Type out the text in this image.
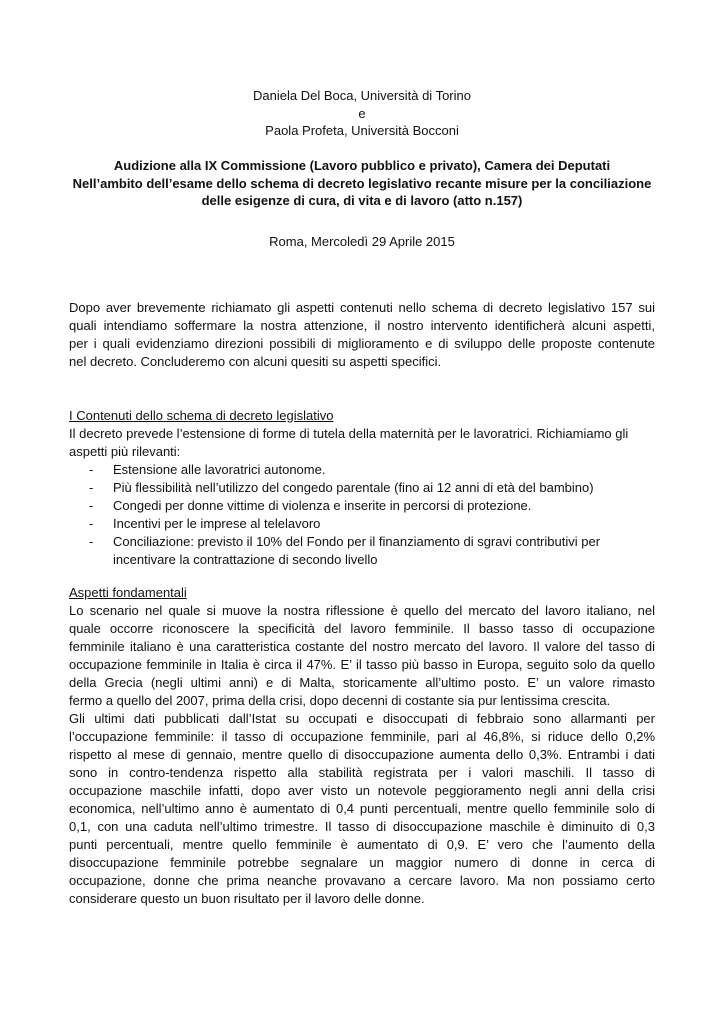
Daniela Del Boca, Università di Torino
e
Paola Profeta, Università Bocconi
Audizione alla IX Commissione (Lavoro pubblico e privato), Camera dei Deputati
Nell’ambito dell’esame dello schema di decreto legislativo recante misure per la conciliazione
delle esigenze di cura, di vita e di lavoro (atto n.157)
Roma, Mercoledì 29 Aprile 2015
Dopo aver brevemente richiamato gli aspetti contenuti nello schema di decreto legislativo 157 sui
quali intendiamo soffermare la nostra attenzione, il nostro intervento identificherà alcuni aspetti,
per i quali evidenziamo direzioni possibili di miglioramento e di sviluppo delle proposte contenute
nel decreto. Concluderemo con alcuni quesiti su aspetti specifici.
I Contenuti dello schema di decreto legislativo
Il decreto prevede l’estensione di forme di tutela della maternità per le lavoratrici. Richiamiamo gli
aspetti più rilevanti:
- Estensione alle lavoratrici autonome.
- Più flessibilità nell’utilizzo del congedo parentale (fino ai 12 anni di età del bambino)
- Congedi per donne vittime di violenza e inserite in percorsi di protezione.
- Incentivi per le imprese al telelavoro
- Conciliazione: previsto il 10% del Fondo per il finanziamento di sgravi contributivi per
incentivare la contrattazione di secondo livello
Aspetti fondamentali
Lo scenario nel quale si muove la nostra riflessione è quello del mercato del lavoro italiano, nel
quale occorre riconoscere la specificità del lavoro femminile. Il basso tasso di occupazione
femminile italiano è una caratteristica costante del nostro mercato del lavoro. Il valore del tasso di
occupazione femminile in Italia è circa il 47%. E’ il tasso più basso in Europa, seguito solo da quello
della Grecia (negli ultimi anni) e di Malta, storicamente all’ultimo posto. E’ un valore rimasto
fermo a quello del 2007, prima della crisi, dopo decenni di costante sia pur lentissima crescita.
Gli ultimi dati pubblicati dall’Istat su occupati e disoccupati di febbraio sono allarmanti per
l’occupazione femminile: il tasso di occupazione femminile, pari al 46,8%, si riduce dello 0,2%
rispetto al mese di gennaio, mentre quello di disoccupazione aumenta dello 0,3%. Entrambi i dati
sono in contro-tendenza rispetto alla stabilità registrata per i valori maschili. Il tasso di
occupazione maschile infatti, dopo aver visto un notevole peggioramento negli anni della crisi
economica, nell’ultimo anno è aumentato di 0,4 punti percentuali, mentre quello femminile solo di
0,1, con una caduta nell’ultimo trimestre. Il tasso di disoccupazione maschile è diminuito di 0,3
punti percentuali, mentre quello femminile è aumentato di 0,9. E’ vero che l’aumento della
disoccupazione femminile potrebbe segnalare un maggior numero di donne in cerca di
occupazione, donne che prima neanche provavano a cercare lavoro. Ma non possiamo certo
considerare questo un buon risultato per il lavoro delle donne.
